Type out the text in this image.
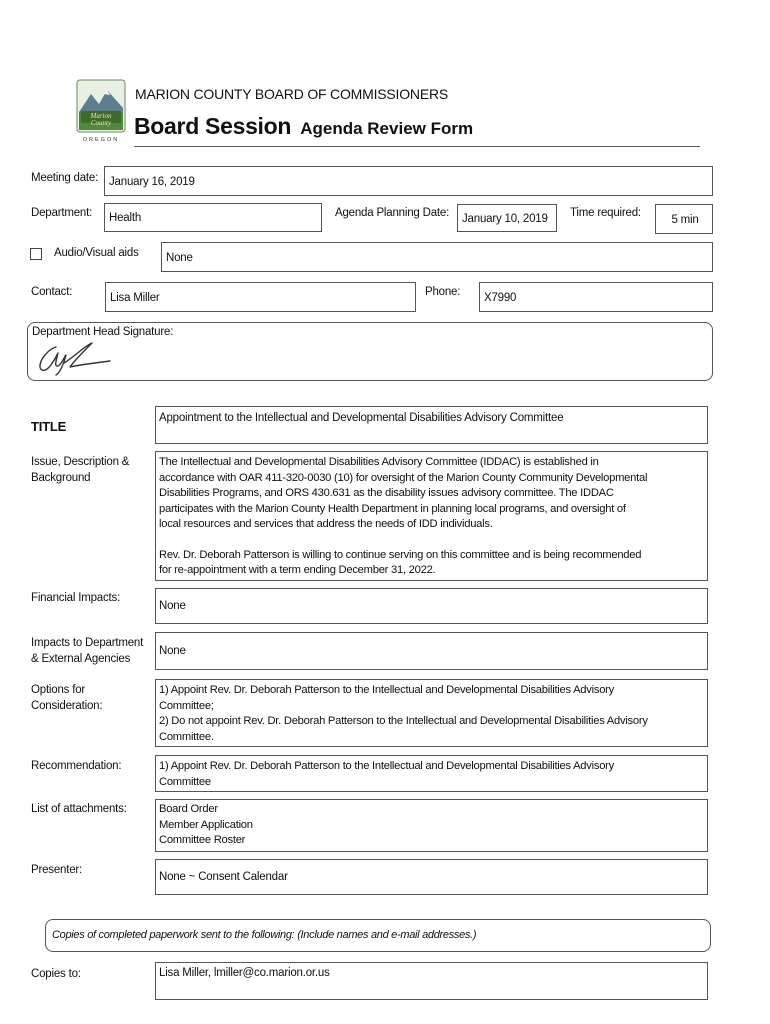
Marion
County
OREGON
MARION COUNTY BOARD OF COMMISSIONERS
Board Session Agenda Review Form
Meeting date: January 16, 2019
Department: Health	Agenda Planning Date: January 10, 2019 Time required:
5 min
Audio/Visual aids None
Contact:	Lisa Miller	Phone: X7990
Department Head Signature:
TITLE
Appointment to the Intellectual and Developmental Disabilities Advisory Committee
Issue, Description &
Background
The Intellectual and Developmental Disabilities Advisory Committee (IDDAC) is established in
accordance with OAR 411-320-0030 (10) for oversight of the Marion County Community Developmental
Disabilities Programs, and ORS 430.631 as the disability issues advisory committee. The IDDAC
participates with the Marion County Health Department in planning local programs, and oversight of
local resources and services that address the needs of IDD individuals.
Rev. Dr. Deborah Patterson is willing to continue serving on this committee and is being recommended
for re-appointment with a term ending December 31, 2022.
Financial Impacts:
None
Impacts to Department
& External Agencies
None
Options for
Consideration:
1) Appoint Rev. Dr. Deborah Patterson to the Intellectual and Developmental Disabilities Advisory
Committee;
2) Do not appoint Rev. Dr. Deborah Patterson to the Intellectual and Developmental Disabilities Advisory
Committee.
Recommendation:	1) Appoint Rev. Dr. Deborah Patterson to the Intellectual and Developmental Disabilities Advisory
Committee
List of attachments:	Board Order
Member Application
Committee Roster
Presenter:
None ~ Consent Calendar
Copies of completed paperwork sent to the following: (Include names and e-mail addresses.)
Copies to:	Lisa Miller, lmiller@co.marion.or.us
